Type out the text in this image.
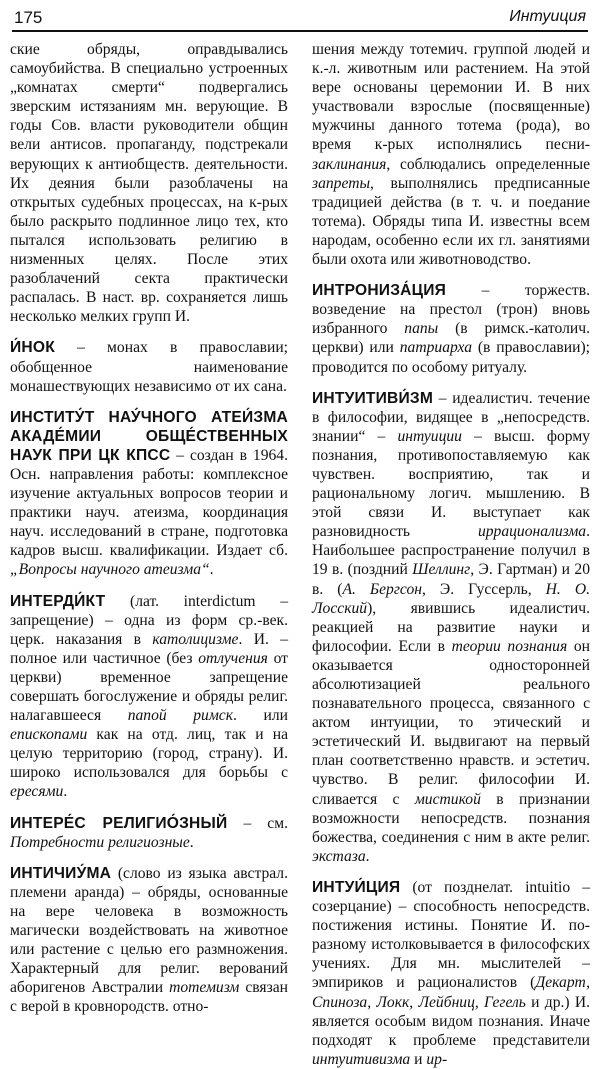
175	Интуиция

ские обряды, оправдывались самоубийства. В специально устроенных „комнатах смерти“ подвергались зверским истязаниям мн. верующие. В годы Сов. власти руководители общин вели антисов. пропаганду, подстрекали верующих к антиобществ. деятельности. Их деяния были разоблачены на открытых судебных процессах, на к-рых было раскрыто подлинное лицо тех, кто пытался использовать религию в низменных целях. После этих разоблачений секта практически распалась. В наст. вр. сохраняется лишь несколько мелких групп И.

И́НОК – монах в православии; обобщенное наименование монашествующих независимо от их сана.

ИНСТИТУ́Т НАУ́ЧНОГО АТЕИ́ЗМА АКАДЕ́МИИ ОБЩЕ́СТВЕННЫХ НАУК ПРИ ЦК КПСС – создан в 1964. Осн. направления работы: комплексное изучение актуальных вопросов теории и практики науч. атеизма, координация науч. исследований в стране, подготовка кадров высш. квалификации. Издает сб. „Вопросы научного атеизма“.

ИНТЕРДИ́КТ (лат. interdictum – запрещение) – одна из форм ср.-век. церк. наказания в католицизме. И. – полное или частичное (без отлучения от церкви) временное запрещение совершать богослужение и обряды религ. налагавшееся папой римск. или епископами как на отд. лиц, так и на целую территорию (город, страну). И. широко использовался для борьбы с ересями.

ИНТЕРЕ́С РЕЛИГИО́ЗНЫЙ – см. Потребности религиозные.

ИНТИЧИУ́МА (слово из языка австрал. племени аранда) – обряды, основанные на вере человека в возможность магически воздействовать на животное или растение с целью его размножения. Характерный для религ. верований аборигенов Австралии тотемизм связан с верой в кровнородств. отно-

шения между тотемич. группой людей и к.-л. животным или растением. На этой вере основаны церемонии И. В них участвовали взрослые (посвященные) мужчины данного тотема (рода), во время к-рых исполнялись песни-заклинания, соблюдались определенные запреты, выполнялись предписанные традицией действа (в т. ч. и поедание тотема). Обряды типа И. известны всем народам, особенно если их гл. занятиями были охота или животноводство.

ИНТРОНИЗА́ЦИЯ – торжеств. возведение на престол (трон) вновь избранного папы (в римск.-католич. церкви) или патриарха (в православии); проводится по особому ритуалу.

ИНТУИТИВИ́ЗМ – идеалистич. течение в философии, видящее в „непосредств. знании“ – интуиции – высш. форму познания, противопоставляемую как чувствен. восприятию, так и рациональному логич. мышлению. В этой связи И. выступает как разновидность иррационализма. Наибольшее распространение получил в 19 в. (поздний Шеллинг, Э. Гартман) и 20 в. (А. Бергсон, Э. Гуссерль, Н. О. Лосский), явившись идеалистич. реакцией на развитие науки и философии. Если в теории познания он оказывается односторонней абсолютизацией реального познавательного процесса, связанного с актом интуиции, то этический и эстетический И. выдвигают на первый план соответственно нравств. и эстетич. чувство. В религ. философии И. сливается с мистикой в признании возможности непосредств. познания божества, соединения с ним в акте религ. экстаза.

ИНТУИ́ЦИЯ (от позднелат. intuitio – созерцание) – способность непосредств. постижения истины. Понятие И. по-разному истолковывается в философских учениях. Для мн. мыслителей – эмпириков и рационалистов (Декарт, Спиноза, Локк, Лейбниц, Гегель и др.) И. является особым видом познания. Иначе подходят к проблеме представители интуитивизма и ир-
